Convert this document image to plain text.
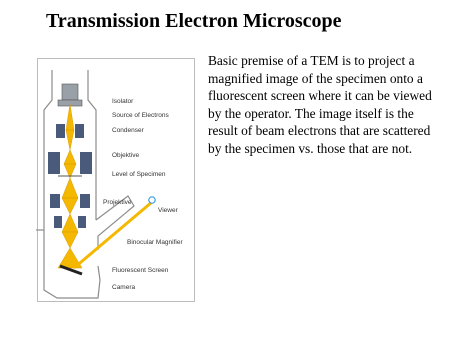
Transmission Electron Microscope
Basic premise of a TEM is to project a magnified image of the specimen onto a fluorescent screen where it can be viewed by the operator. The image itself is the result of beam electrons that are scattered by the specimen vs. those that are not.
Isolator
Source of Electrons
Condenser
Objektive
Level of Specimen
Projektive
Viewer
Binocular Magnifier
Fluorescent Screen
Camera
